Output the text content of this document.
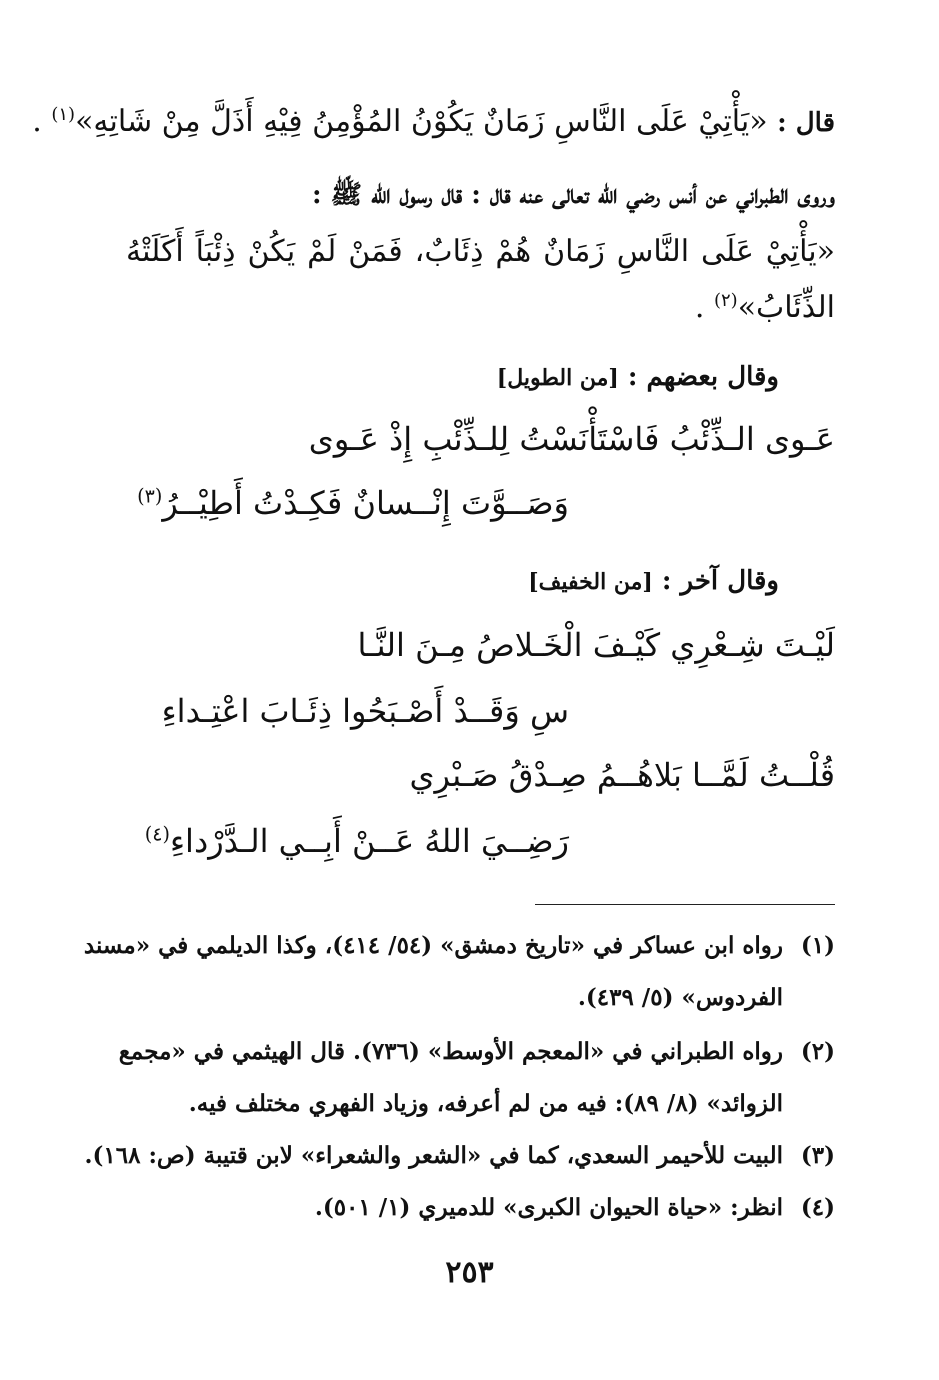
قال : «يَأْتِيْ عَلَى النَّاسِ زَمَانٌ يَكُوْنُ المُؤْمِنُ فِيْهِ أَذَلَّ مِنْ شَاتِهِ»$^{(١)}$ .
وروى الطبراني عن أنس رضي الله تعالى عنه قال : قال رسول الله ﷺ :
«يَأْتِيْ عَلَى النَّاسِ زَمَانٌ هُمْ ذِئَابٌ، فَمَنْ لَمْ يَكُنْ ذِئْبَاً أَكَلَتْهُ
الذِّئَابُ»$^{(٢)}$ .
وقال بعضهم : [من الطويل]
عَـوى الـذِّئْبُ فَاسْتَأْنَسْتُ لِلـذِّئْبِ إِذْ عَـوى
وَصَــوَّتَ إِنْــسانٌ فَكِـدْتُ أَطِيْــرُ$^{(٣)}$
وقال آخر : [من الخفيف]
لَيْـتَ شِـعْرِي كَيْـفَ الْخَـلاصُ مِـنَ النَّـا
سِ وَقَــدْ أَصْـبَحُوا ذِئَـابَ اعْتِـداءِ
قُلْــتُ لَمَّــا بَلاهُــمُ صِـدْقُ صَـبْرِي
رَضِــيَ اللهُ عَــنْ أَبِــي الـدَّرْداءِ$^{(٤)}$
(١)رواه ابن عساكر في «تاريخ دمشق» (٥٤/ ٤١٤)، وكذا الديلمي في «مسند
الفردوس» (٥/ ٤٣٩).
(٢)رواه الطبراني في «المعجم الأوسط» (٧٣٦). قال الهيثمي في «مجمع
الزوائد» (٨/ ٨٩): فيه من لم أعرفه، وزياد الفهري مختلف فيه.
(٣)البيت للأحيمر السعدي، كما في «الشعر والشعراء» لابن قتيبة (ص: ١٦٨).
(٤)انظر: «حياة الحيوان الكبرى» للدميري (١/ ٥٠١).
٢٥٣
